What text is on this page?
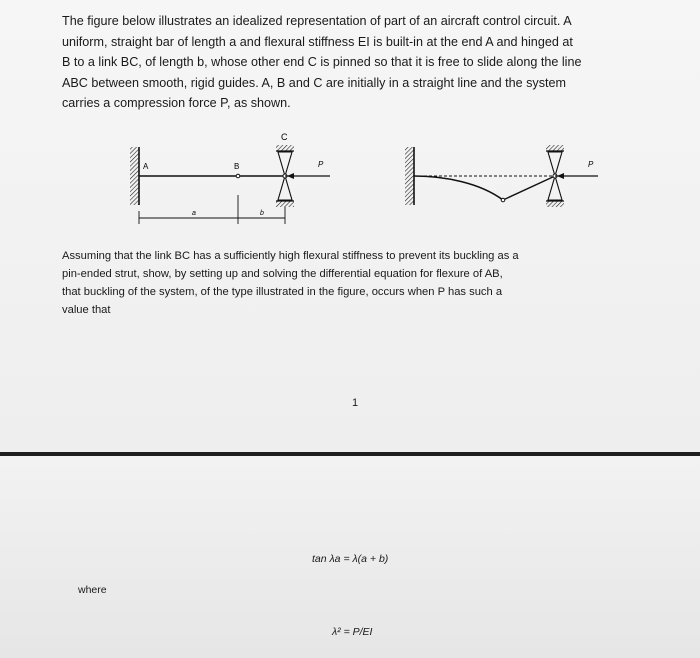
The figure below illustrates an idealized representation of part of an aircraft control circuit. A

uniform, straight bar of length a and flexural stiffness EI is built-in at the end A and hinged at

B to a link BC, of length b, whose other end C is pinned so that it is free to slide along the line

ABC between smooth, rigid guides. A, B and C are initially in a straight line and the system

carries a compression force P, as shown.

A	B
C
P
a	b
P
Assuming that the link BC has a sufficiently high flexural stiffness to prevent its buckling as a
pin-ended strut, show, by setting up and solving the differential equation for flexure of AB,
that buckling of the system, of the type illustrated in the figure, occurs when P has such a
value that
1
tan λa = λ(a + b)
where
λ² = P/EI
